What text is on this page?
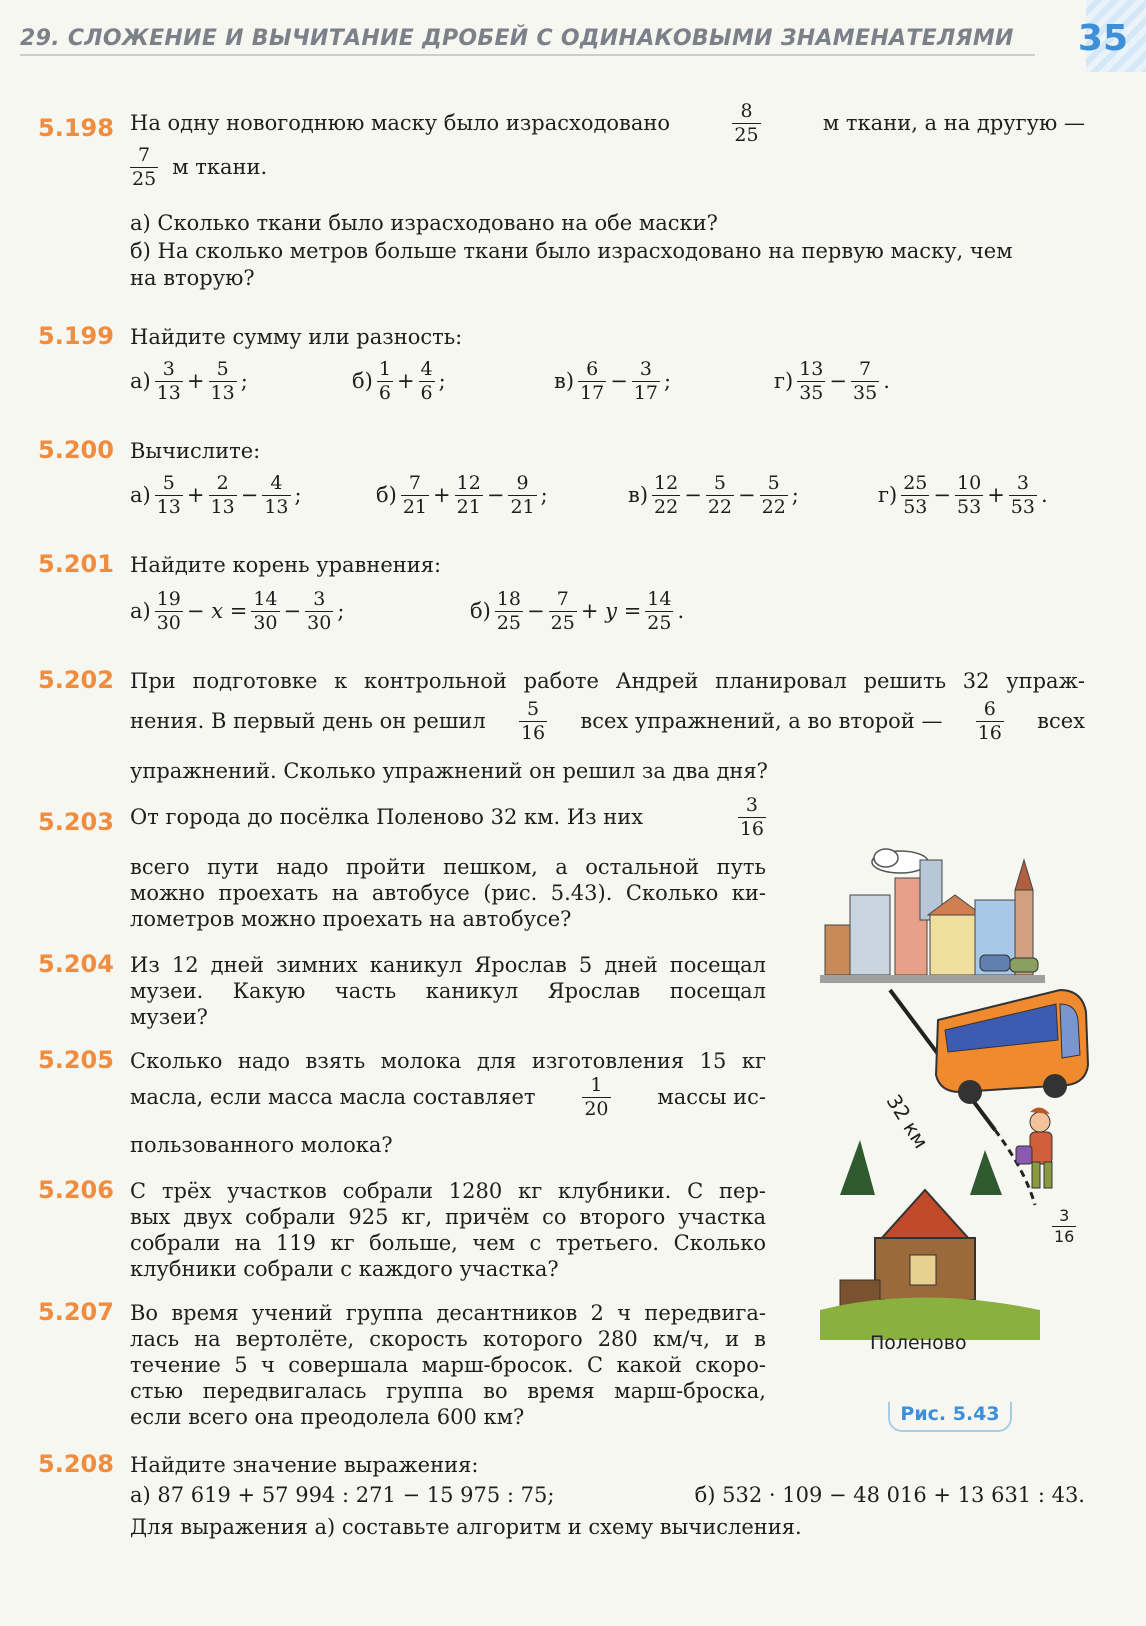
29. СЛОЖЕНИЕ И ВЫЧИТАНИЕ ДРОБЕЙ С ОДИНАКОВЫМИ ЗНАМЕНАТЕЛЯМИ 35
5.198 На одну новогоднюю маску было израсходовано	$\frac{8}{25}$	м ткани, а на другую —
$\frac{7}{25}$ м ткани.
а) Сколько ткани было израсходовано на обе маски?
б) На сколько метров больше ткани было израсходовано на первую маску, чем
на вторую?
5.199 Найдите сумму или разность:
$а) \frac{3}{13} + \frac{5}{13}$ ;	$б) \frac{1}{6} + \frac{4}{6}$ ;	$в) \frac{6}{17} - \frac{3}{17}$ ;	$г) \frac{13}{35} - \frac{7}{35}$ .
5.200 Вычислите:
$а) \frac{5}{13} + \frac{2}{13} - \frac{4}{13}$ ;	$б) \frac{7}{21} + \frac{12}{21} - \frac{9}{21}$ ;	$в) \frac{12}{22} - \frac{5}{22} - \frac{5}{22}$ ;	$г) \frac{25}{53} - \frac{10}{53} + \frac{3}{53}$ .
5.201 Найдите корень уравнения:
$а) \frac{19}{30}$ −
x
= $\frac{14}{30} - \frac{3}{30}$ ;	$б) \frac{18}{25} - \frac{7}{25}$ +
y
= $\frac{14}{25}$ .
5.202 При подготовке к контрольной работе Андрей планировал решить 32 упраж-
нения. В первый день он решил $\frac{5}{16}$ всех упражнений, а во второй — $\frac{6}{16}$ всех
упражнений. Сколько упражнений он решил за два дня?
5.203 От города до посёлка Поленово 32 км. Из них	$\frac{3}{16}$
всего пути надо пройти пешком, а остальной путь
можно проехать на автобусе (рис. 5.43). Сколько ки-
лометров можно проехать на автобусе?
5.204 Из 12 дней зимних каникул Ярослав 5 дней посещал
музеи. Какую часть каникул Ярослав посещал
музеи?
5.205 Сколько надо взять молока для изготовления 15 кг
масла, если масса масла составляет $\frac{1}{20}$ массы ис-
пользованного молока?
5.206 С трёх участков собрали 1280 кг клубники. С пер-
вых двух собрали 925 кг, причём со второго участка
собрали на 119 кг больше, чем с третьего. Сколько
клубники собрали с каждого участка?
5.207 Во время учений группа десантников 2 ч передвига-
лась на вертолёте, скорость которого 280 км/ч, и в
течение 5 ч совершала марш-бросок. С какой скоро-
стью передвигалась группа во время марш-броска,
если всего она преодолела 600 км?
5.208 Найдите значение выражения:
а) 87 619 + 57 994 : 271 − 15 975 : 75;	б) 532 · 109 − 48 016 + 13 631 : 43.
Для выражения а) составьте алгоритм и схему вычисления.
32 км
$\frac{3}{16}$
Поленово
Рис. 5.43
